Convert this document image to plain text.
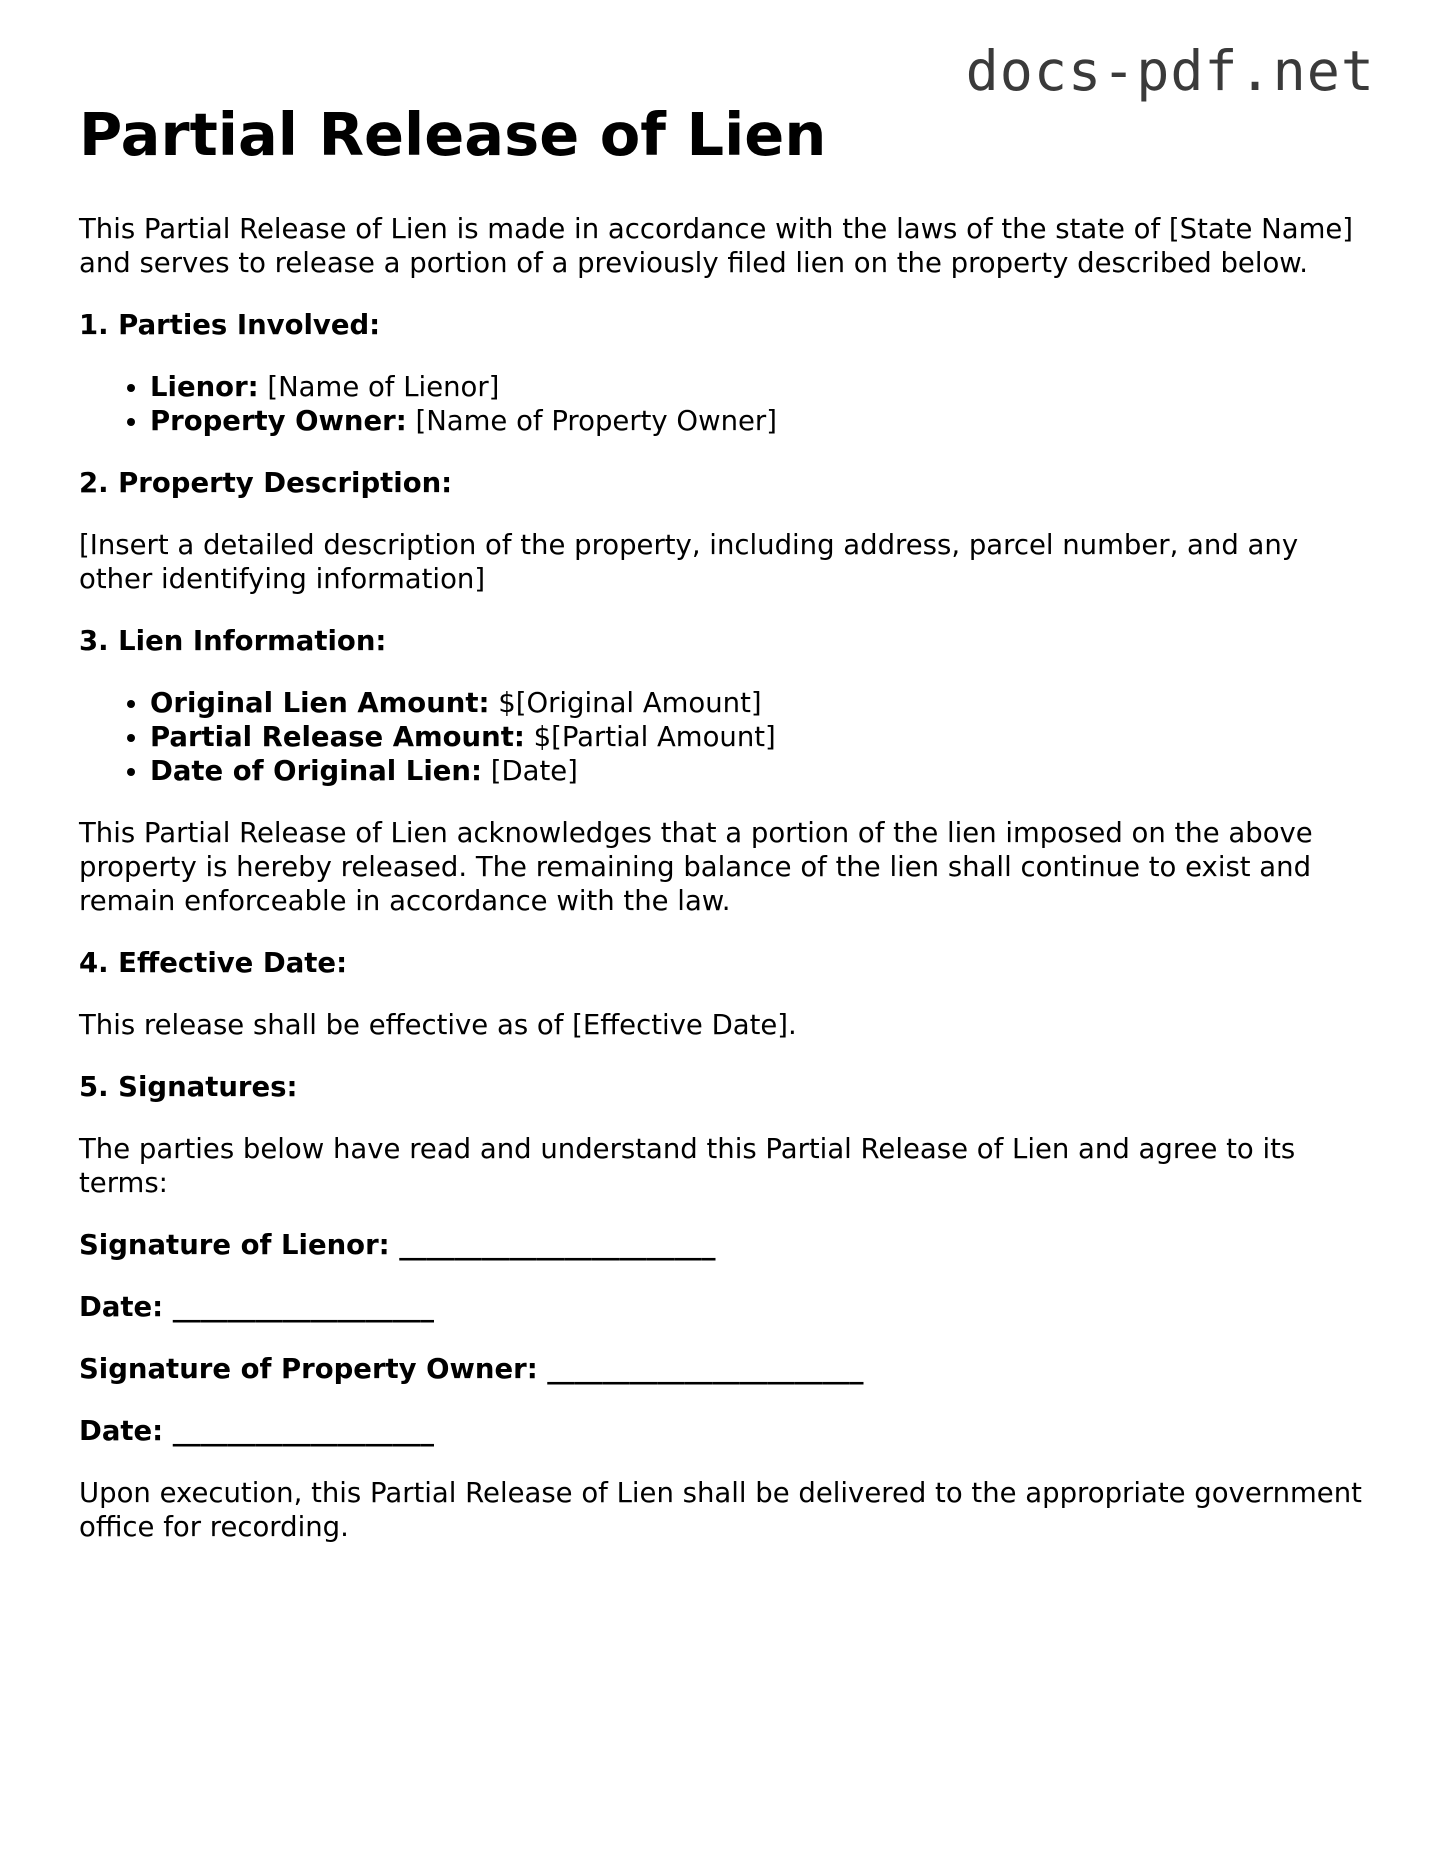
docs-pdf.net
Partial Release of Lien

This Partial Release of Lien is made in accordance with the laws of the state of [State Name] and serves to release a portion of a previously filed lien on the property described below.

1. Parties Involved:
• Lienor: [Name of Lienor]
• Property Owner: [Name of Property Owner]
2. Property Description:

[Insert a detailed description of the property, including address, parcel number, and any other identifying information]

3. Lien Information:
• Original Lien Amount: $[Original Amount]
• Partial Release Amount: $[Partial Amount]
• Date of Original Lien: [Date]

This Partial Release of Lien acknowledges that a portion of the lien imposed on the above property is hereby released. The remaining balance of the lien shall continue to exist and remain enforceable in accordance with the law.

4. Effective Date:

This release shall be effective as of [Effective Date].

5. Signatures:

The parties below have read and understand this Partial Release of Lien and agree to its terms:

Signature of Lienor: _______________________
Date: ___________________
Signature of Property Owner: _______________________
Date: ___________________

Upon execution, this Partial Release of Lien shall be delivered to the appropriate government office for recording.
